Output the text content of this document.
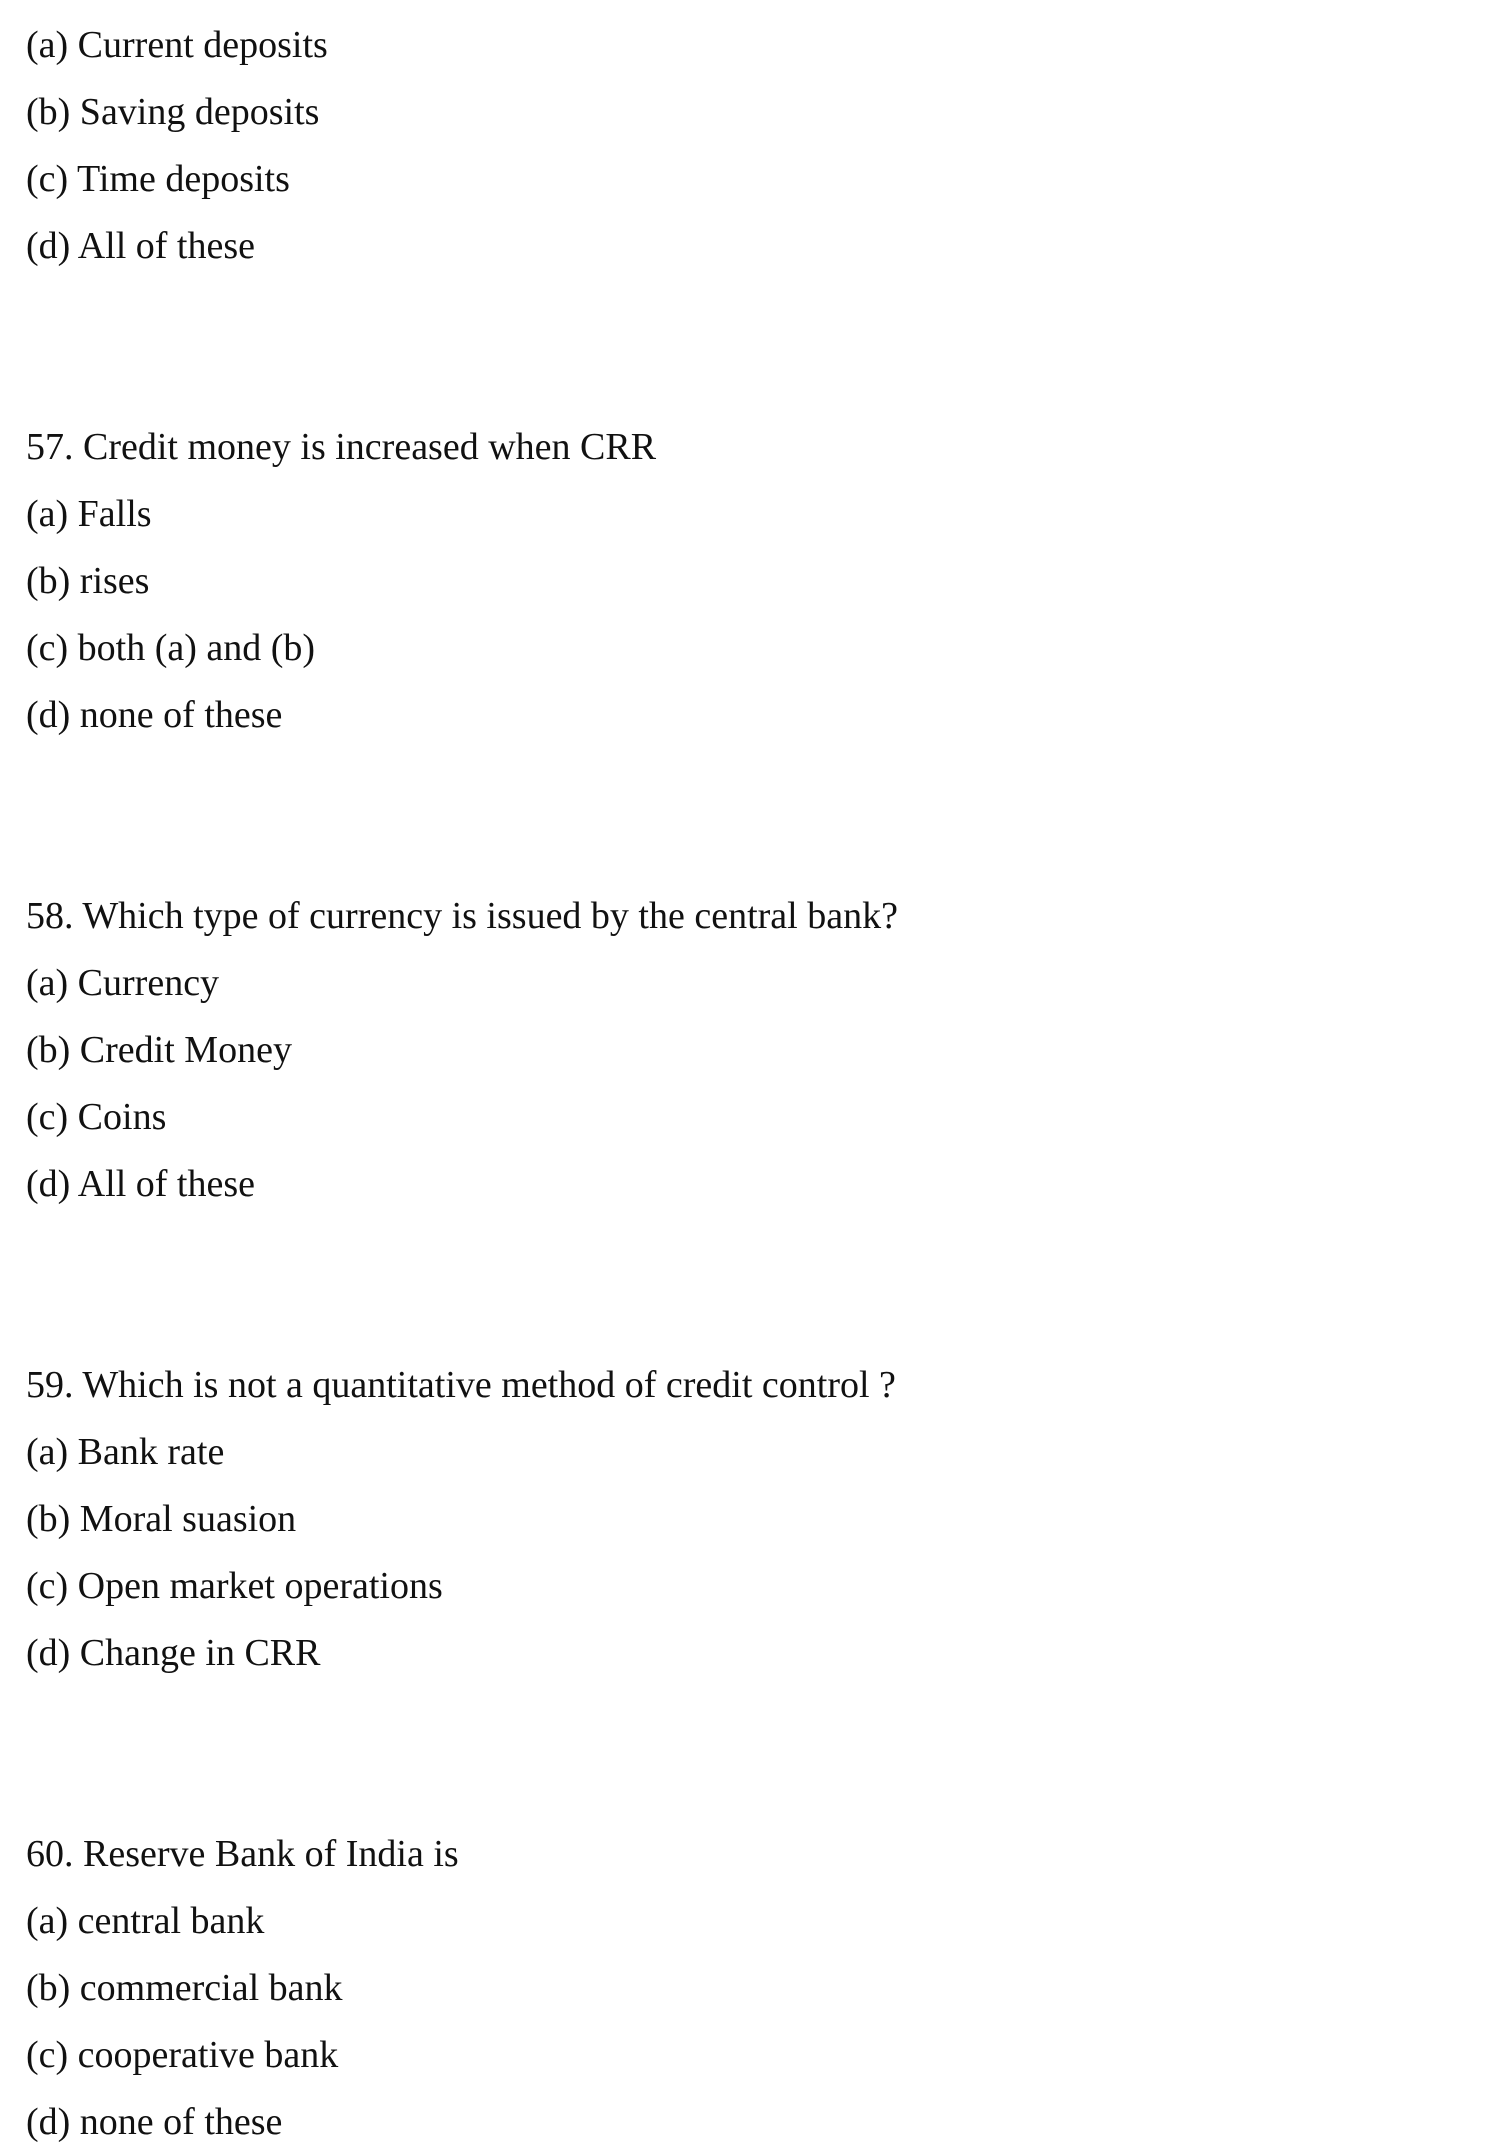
(a) Current deposits
(b) Saving deposits
(c) Time deposits
(d) All of these
57. Credit money is increased when CRR
(a) Falls
(b) rises
(c) both (a) and (b)
(d) none of these
58. Which type of currency is issued by the central bank?
(a) Currency
(b) Credit Money
(c) Coins
(d) All of these
59. Which is not a quantitative method of credit control ?
(a) Bank rate
(b) Moral suasion
(c) Open market operations
(d) Change in CRR
60. Reserve Bank of India is
(a) central bank
(b) commercial bank
(c) cooperative bank
(d) none of these
